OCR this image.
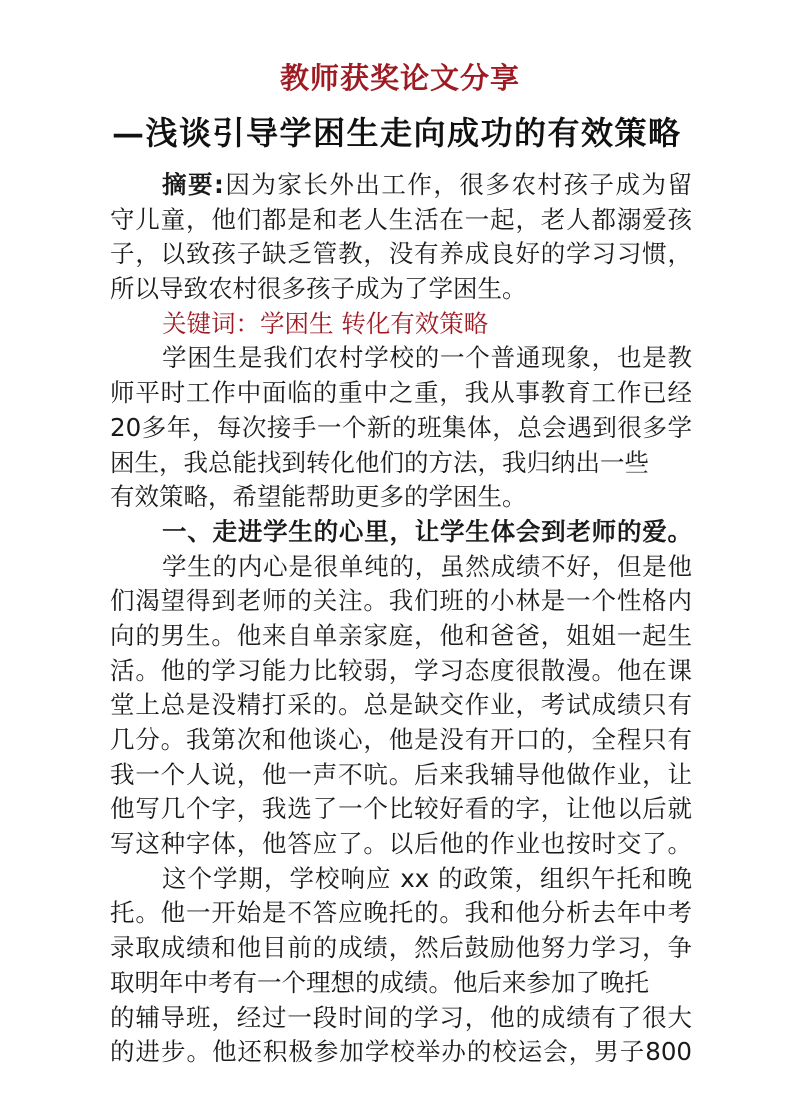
教师获奖论文分享
—浅谈引导学困生走向成功的有效策略
摘要:因为家长外出工作，很多农村孩子成为留
守儿童，他们都是和老人生活在一起，老人都溺爱孩
子，以致孩子缺乏管教，没有养成良好的学习习惯，
所以导致农村很多孩子成为了学困生。
关键词：学困生 转化有效策略
学困生是我们农村学校的一个普通现象，也是教
师平时工作中面临的重中之重，我从事教育工作已经
20多年，每次接手一个新的班集体，总会遇到很多学
困生，我总能找到转化他们的方法，我归纳出一些
有效策略，希望能帮助更多的学困生。
一、走进学生的心里，让学生体会到老师的爱。
学生的内心是很单纯的，虽然成绩不好，但是他
们渴望得到老师的关注。我们班的小林是一个性格内
向的男生。他来自单亲家庭，他和爸爸，姐姐一起生
活。他的学习能力比较弱，学习态度很散漫。他在课
堂上总是没精打采的。总是缺交作业，考试成绩只有
几分。我第次和他谈心，他是没有开口的，全程只有
我一个人说，他一声不吭。后来我辅导他做作业，让
他写几个字，我选了一个比较好看的字，让他以后就
写这种字体，他答应了。以后他的作业也按时交了。
这个学期，学校响应 xx 的政策，组织午托和晚
托。他一开始是不答应晚托的。我和他分析去年中考
录取成绩和他目前的成绩，然后鼓励他努力学习，争
取明年中考有一个理想的成绩。他后来参加了晚托
的辅导班，经过一段时间的学习，他的成绩有了很大
的进步。他还积极参加学校举办的校运会，男子800
